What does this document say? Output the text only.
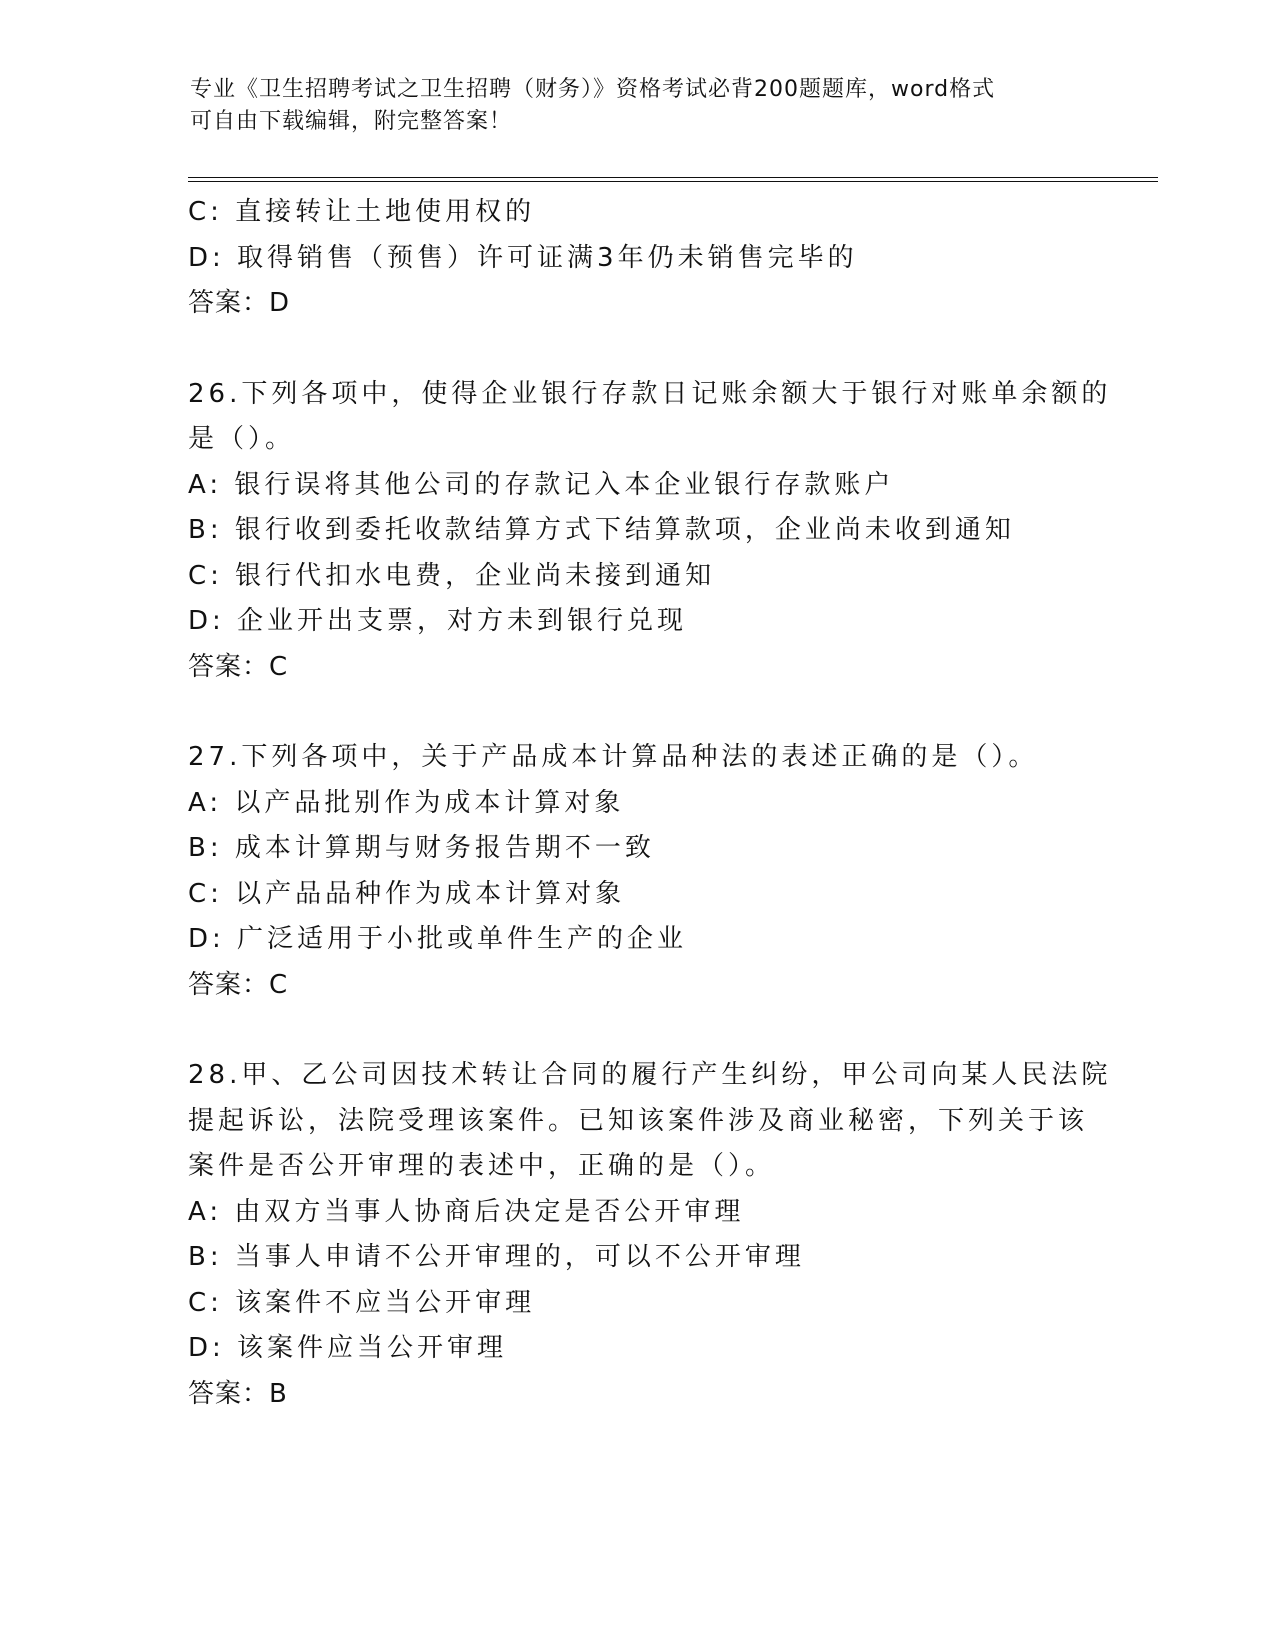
专业《卫生招聘考试之卫生招聘（财务）》资格考试必背200题题库，word格式
可自由下载编辑，附完整答案！
C: 直接转让土地使用权的
D: 取得销售（预售）许可证满3年仍未销售完毕的
答案：D
26.下列各项中，使得企业银行存款日记账余额大于银行对账单余额的
是（）。
A: 银行误将其他公司的存款记入本企业银行存款账户
B: 银行收到委托收款结算方式下结算款项，企业尚未收到通知
C: 银行代扣水电费，企业尚未接到通知
D: 企业开出支票，对方未到银行兑现
答案：C
27.下列各项中，关于产品成本计算品种法的表述正确的是（）。
A: 以产品批别作为成本计算对象
B: 成本计算期与财务报告期不一致
C: 以产品品种作为成本计算对象
D: 广泛适用于小批或单件生产的企业
答案：C
28.甲、乙公司因技术转让合同的履行产生纠纷，甲公司向某人民法院
提起诉讼，法院受理该案件。已知该案件涉及商业秘密，下列关于该
案件是否公开审理的表述中，正确的是（）。
A: 由双方当事人协商后决定是否公开审理
B: 当事人申请不公开审理的，可以不公开审理
C: 该案件不应当公开审理
D: 该案件应当公开审理
答案：B
